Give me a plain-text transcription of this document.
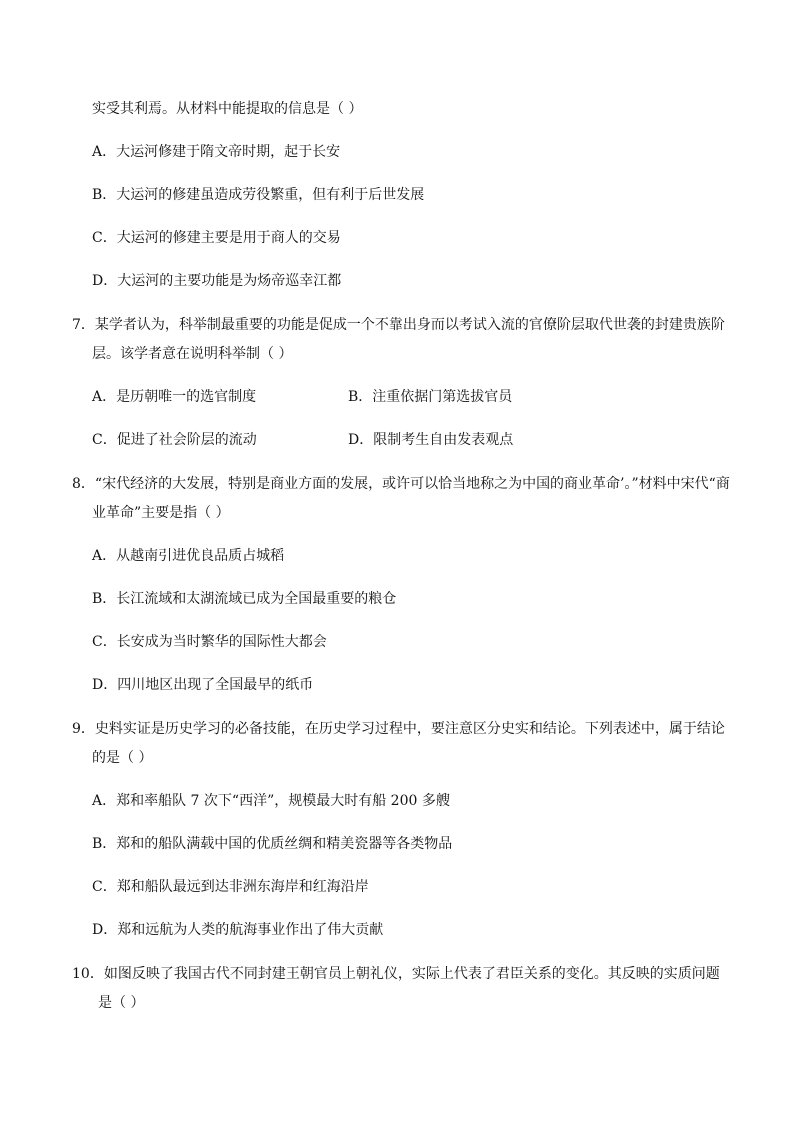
实受其利焉。从材料中能提取的信息是（ ）
A．大运河修建于隋文帝时期，起于长安
B．大运河的修建虽造成劳役繁重，但有利于后世发展
C．大运河的修建主要是用于商人的交易
D．大运河的主要功能是为炀帝巡幸江都
7．某学者认为，科举制最重要的功能是促成一个不靠出身而以考试入流的官僚阶层取代世袭的封建贵族阶
层。该学者意在说明科举制（ ）
A．是历朝唯一的选官制度	B．注重依据门第选拔官员
C．促进了社会阶层的流动	D．限制考生自由发表观点
8．“宋代经济的大发展，特别是商业方面的发展，或许可以恰当地称之为中国的商业革命’。”材料中宋代“商
业革命”主要是指（ ）
A．从越南引进优良品质占城稻
B．长江流域和太湖流域已成为全国最重要的粮仓
C．长安成为当时繁华的国际性大都会
D．四川地区出现了全国最早的纸币
9．史料实证是历史学习的必备技能，在历史学习过程中，要注意区分史实和结论。下列表述中，属于结论
的是（ ）
A．郑和率船队 7 次下“西洋”，规模最大时有船 200 多艘
B．郑和的船队满载中国的优质丝绸和精美瓷器等各类物品
C．郑和船队最远到达非洲东海岸和红海沿岸
D．郑和远航为人类的航海事业作出了伟大贡献
10．如图反映了我国古代不同封建王朝官员上朝礼仪，实际上代表了君臣关系的变化。其反映的实质问题
是（ ）
